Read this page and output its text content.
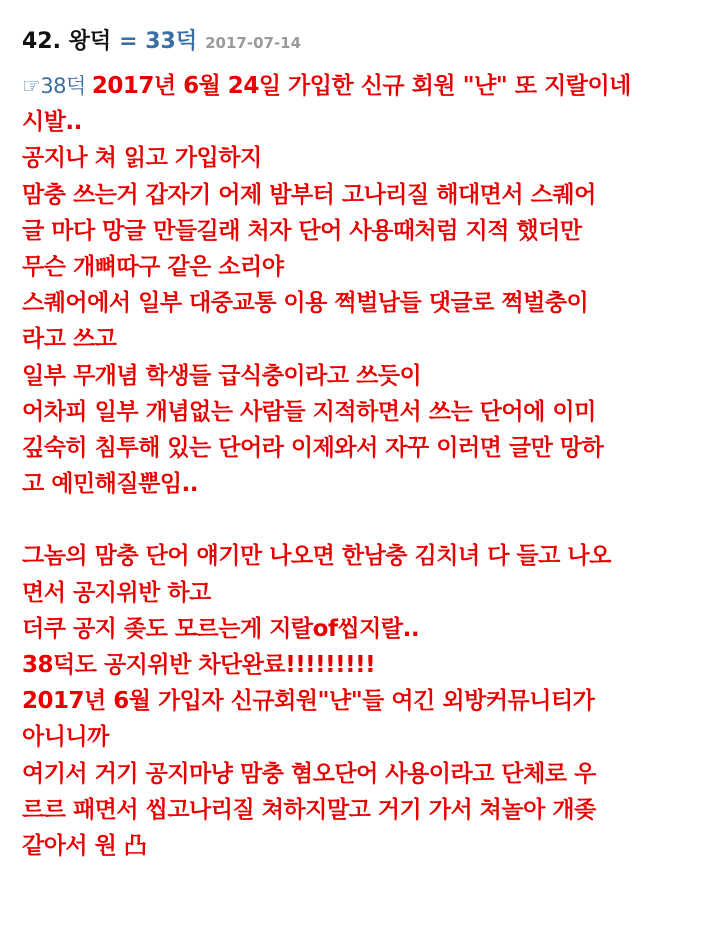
42. 왕덕 = 33덕 2017-07-14
☞38덕 2017년 6월 24일 가입한 신규 회원 "냔" 또 지랄이네
시발..
공지나 쳐 읽고 가입하지
맘충 쓰는거 갑자기 어제 밤부터 고나리질 해대면서 스퀘어
글 마다 망글 만들길래 처자 단어 사용때처럼 지적 했더만
무슨 개뼈따구 같은 소리야
스퀘어에서 일부 대중교통 이용 쩍벌남들 댓글로 쩍벌충이
라고 쓰고
일부 무개념 학생들 급식충이라고 쓰듯이
어차피 일부 개념없는 사람들 지적하면서 쓰는 단어에 이미
깊숙히 침투해 있는 단어라 이제와서 자꾸 이러면 글만 망하
고 예민해질뿐임..
그놈의 맘충 단어 얘기만 나오면 한남충 김치녀 다 들고 나오
면서 공지위반 하고
더쿠 공지 좆도 모르는게 지랄of씹지랄..
38덕도 공지위반 차단완료!!!!!!!!!
2017년 6월 가입자 신규회원"냔"들 여긴 외방커뮤니티가
아니니까
여기서 거기 공지마냥 맘충 혐오단어 사용이라고 단체로 우
르르 패면서 씹고나리질 쳐하지말고 거기 가서 쳐놀아 개좆
같아서 원 凸
